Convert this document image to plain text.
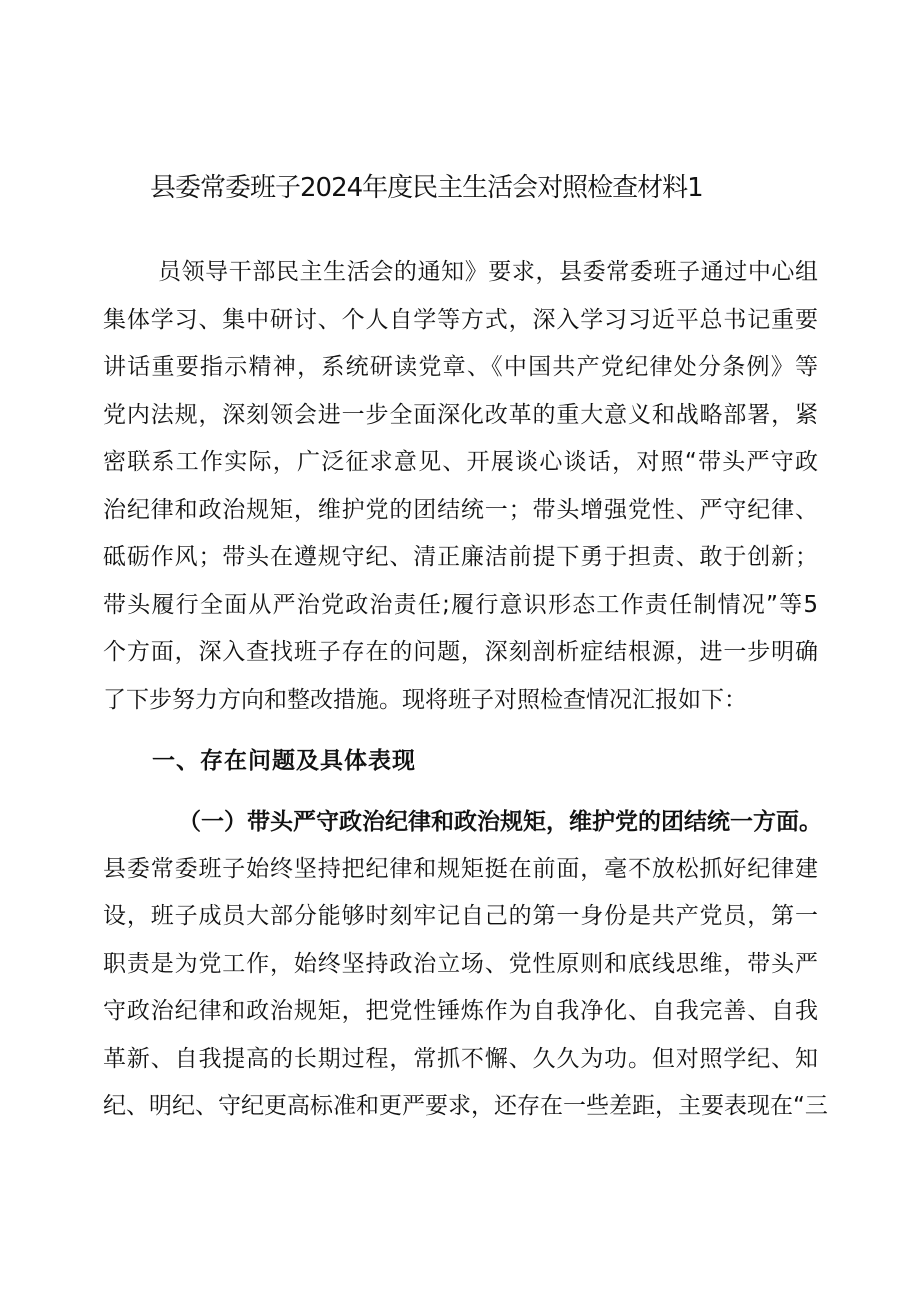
县委常委班子2024年度民主生活会对照检查材料1
员领导干部民主生活会的通知》要求，县委常委班子通过中心组
集体学习、集中研讨、个人自学等方式，深入学习习近平总书记重要
讲话重要指示精神，系统研读党章、《中国共产党纪律处分条例》等
党内法规，深刻领会进一步全面深化改革的重大意义和战略部署，紧
密联系工作实际，广泛征求意见、开展谈心谈话，对照“带头严守政
治纪律和政治规矩，维护党的团结统一；带头增强党性、严守纪律、
砥砺作风；带头在遵规守纪、清正廉洁前提下勇于担责、敢于创新；
带头履行全面从严治党政治责任;履行意识形态工作责任制情况”等5
个方面，深入查找班子存在的问题，深刻剖析症结根源，进一步明确
了下步努力方向和整改措施。现将班子对照检查情况汇报如下：
一、存在问题及具体表现
（一）带头严守政治纪律和政治规矩，维护党的团结统一方面。
县委常委班子始终坚持把纪律和规矩挺在前面，毫不放松抓好纪律建
设，班子成员大部分能够时刻牢记自己的第一身份是共产党员，第一
职责是为党工作，始终坚持政治立场、党性原则和底线思维，带头严
守政治纪律和政治规矩，把党性锤炼作为自我净化、自我完善、自我
革新、自我提高的长期过程，常抓不懈、久久为功。但对照学纪、知
纪、明纪、守纪更高标准和更严要求，还存在一些差距，主要表现在“三
